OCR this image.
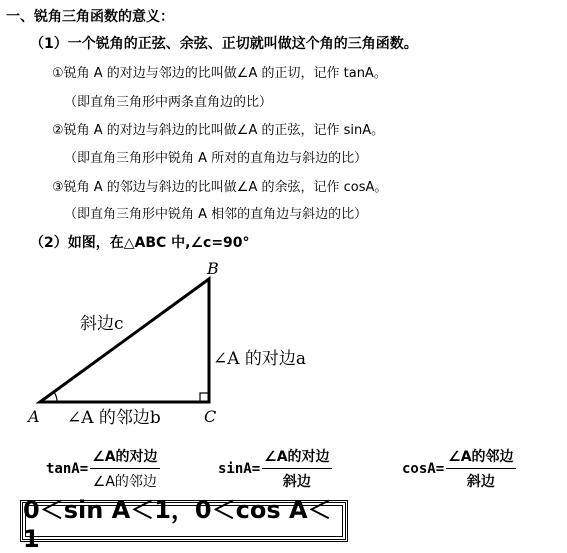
一、锐角三角函数的意义：
（1）一个锐角的正弦、余弦、正切就叫做这个角的三角函数。
①锐角 A 的对边与邻边的比叫做∠A 的正切，记作 tanA。
（即直角三角形中两条直角边的比）
②锐角 A 的对边与斜边的比叫做∠A 的正弦，记作 sinA。
（即直角三角形中锐角 A 所对的直角边与斜边的比）
③锐角 A 的邻边与斜边的比叫做∠A 的余弦，记作 cosA。
（即直角三角形中锐角 A 相邻的直角边与斜边的比）
（2）如图，在△ABC 中,∠c=90°
B
A	C
斜边c
∠A 的对边a
∠A 的邻边b
$\tan A= \frac{\text{∠A的对边}}{\text{∠A的邻边}}$	$\sin A= \frac{\text{∠A的对边}}{\text{斜边}}$	$\cos A= \frac{\text{∠A的邻边}}{\text{斜边}}$
0＜sin A＜1，0＜cos A＜1
